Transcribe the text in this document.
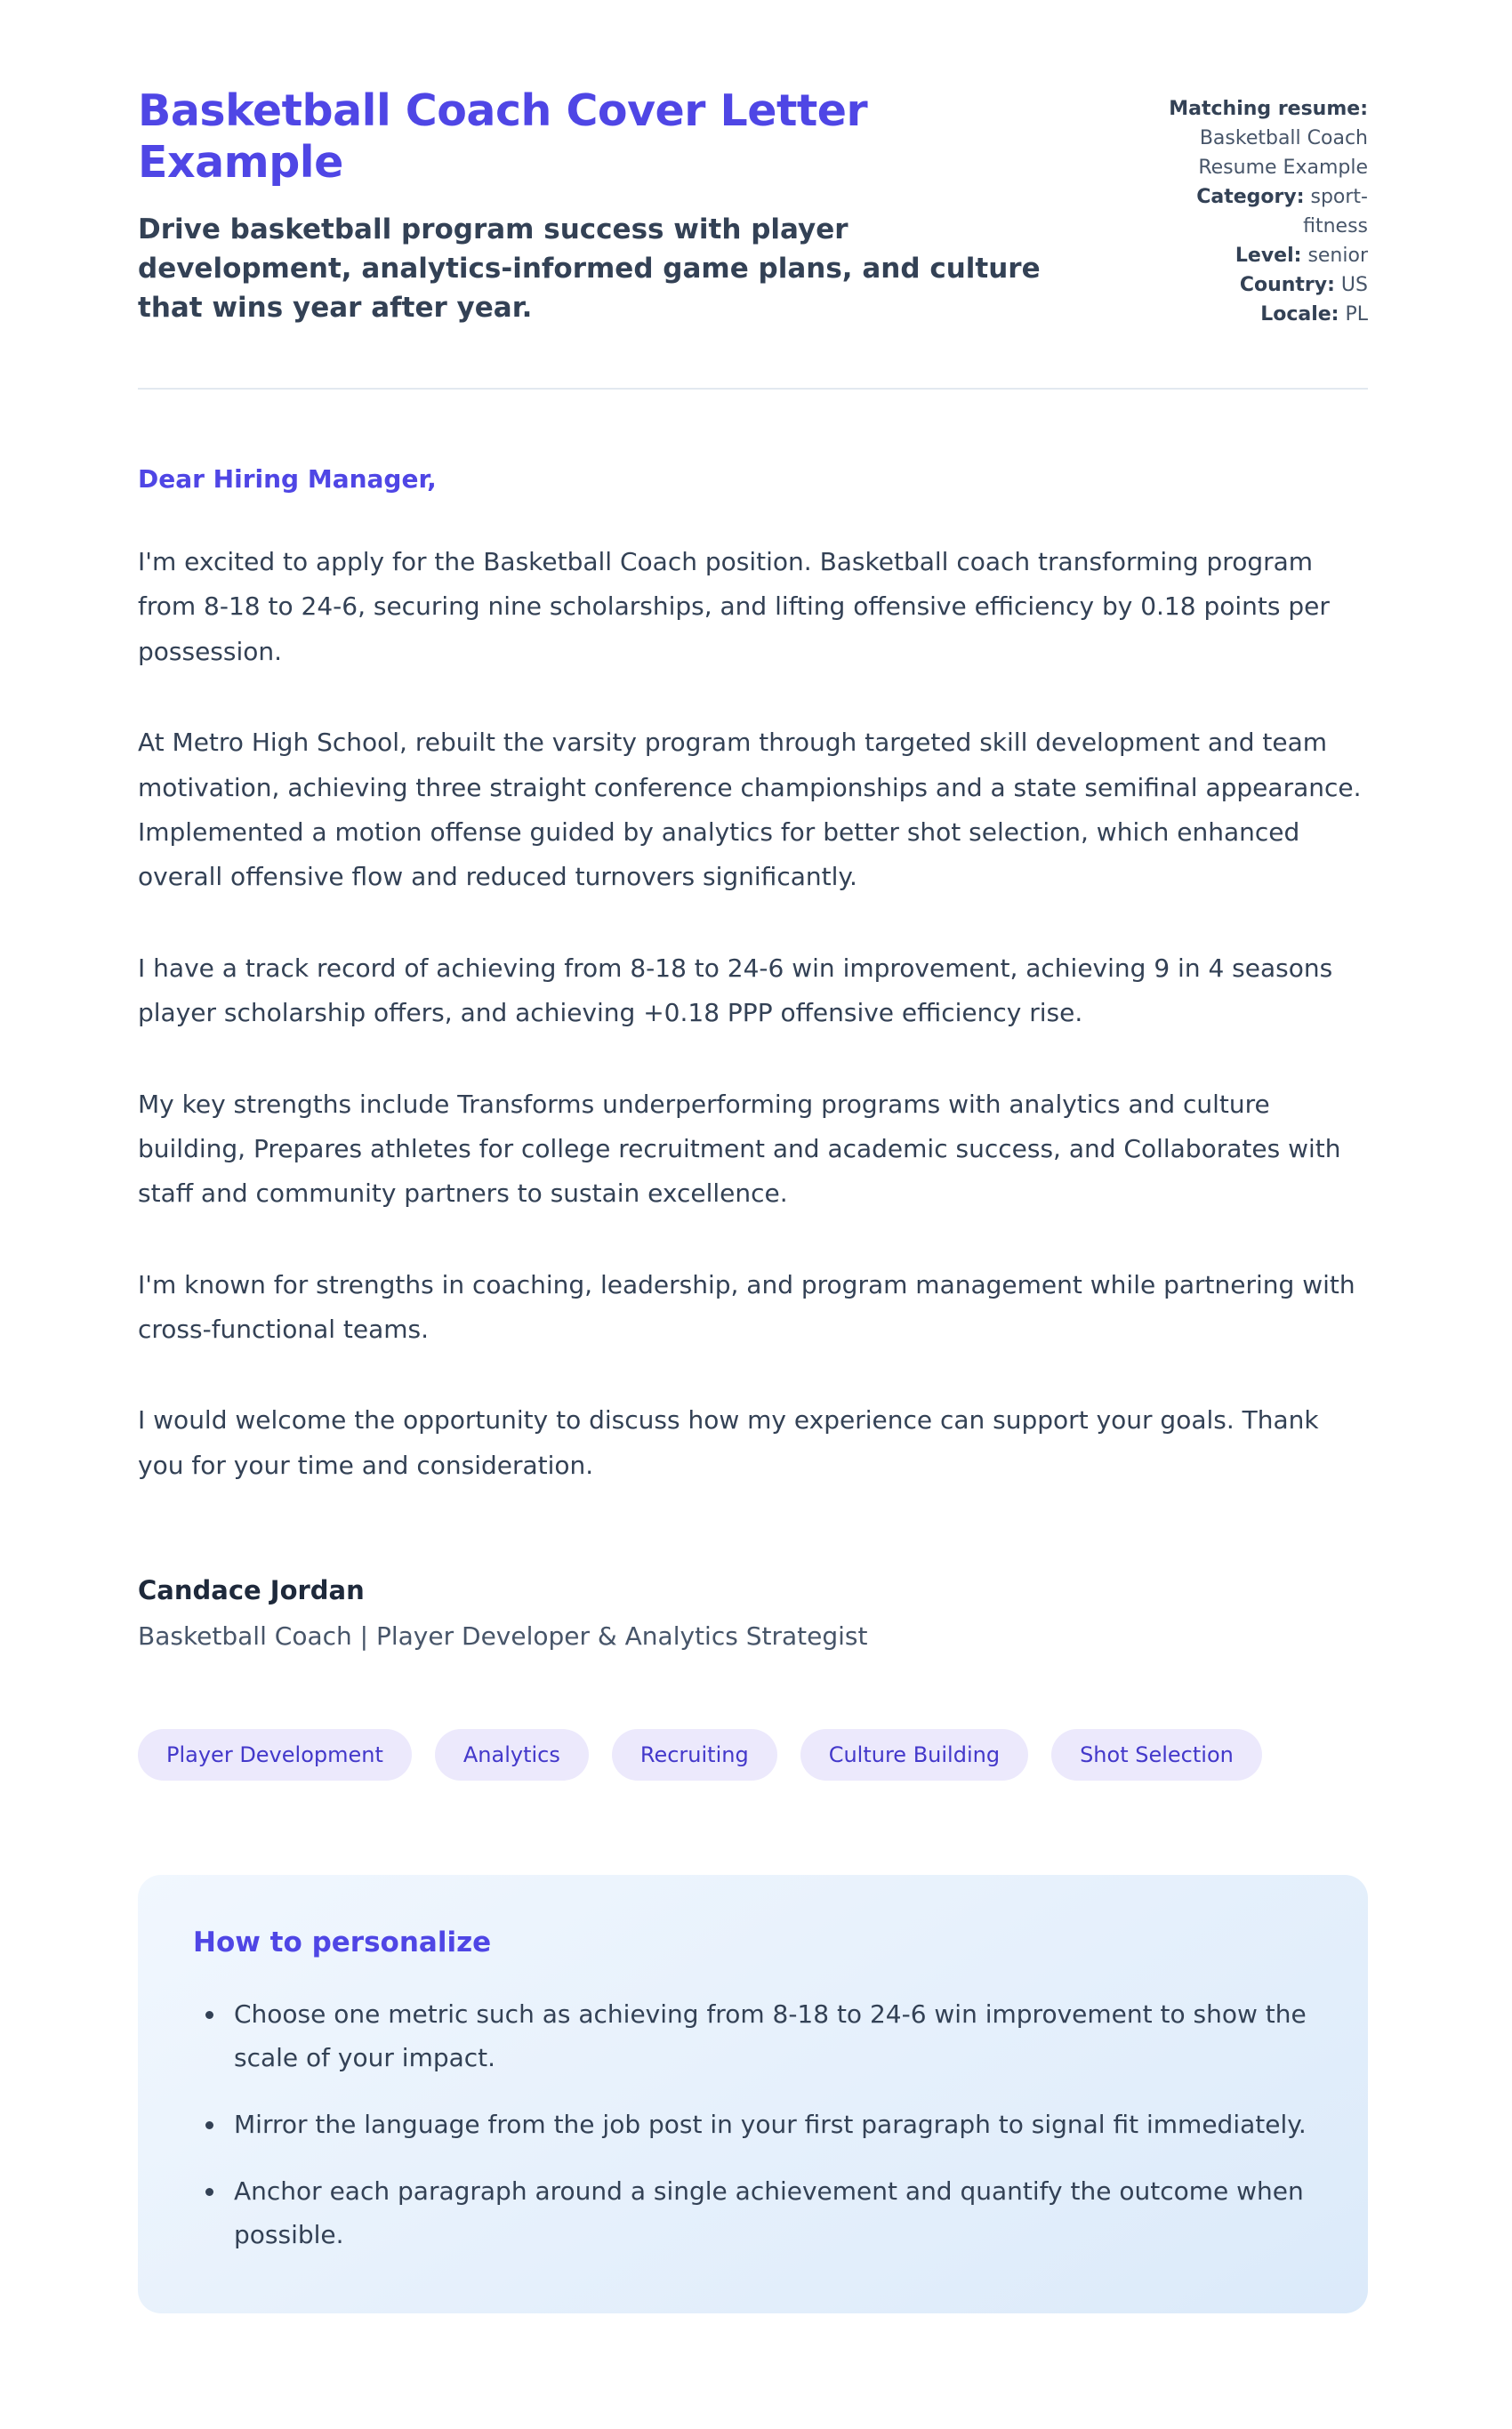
Basketball Coach Cover Letter Example

Drive basketball program success with player development, analytics-informed game plans, and culture that wins year after year.

Matching resume: Basketball Coach Resume Example
Category: sport-fitness
Level: senior
Country: US
Locale: PL

Dear Hiring Manager,

I'm excited to apply for the Basketball Coach position. Basketball coach transforming program from 8-18 to 24-6, securing nine scholarships, and lifting offensive efficiency by 0.18 points per possession.

At Metro High School, rebuilt the varsity program through targeted skill development and team motivation, achieving three straight conference championships and a state semifinal appearance. Implemented a motion offense guided by analytics for better shot selection, which enhanced overall offensive flow and reduced turnovers significantly.

I have a track record of achieving from 8-18 to 24-6 win improvement, achieving 9 in 4 seasons player scholarship offers, and achieving +0.18 PPP offensive efficiency rise.

My key strengths include Transforms underperforming programs with analytics and culture building, Prepares athletes for college recruitment and academic success, and Collaborates with staff and community partners to sustain excellence.

I'm known for strengths in coaching, leadership, and program management while partnering with cross-functional teams.

I would welcome the opportunity to discuss how my experience can support your goals. Thank you for your time and consideration.

Candace Jordan

Basketball Coach | Player Developer & Analytics Strategist

Player Development	Analytics	Recruiting	Culture Building	Shot Selection
How to personalize
• Choose one metric such as achieving from 8-18 to 24-6 win improvement to show the scale of your impact.
• Mirror the language from the job post in your first paragraph to signal fit immediately.
• Anchor each paragraph around a single achievement and quantify the outcome when possible.
